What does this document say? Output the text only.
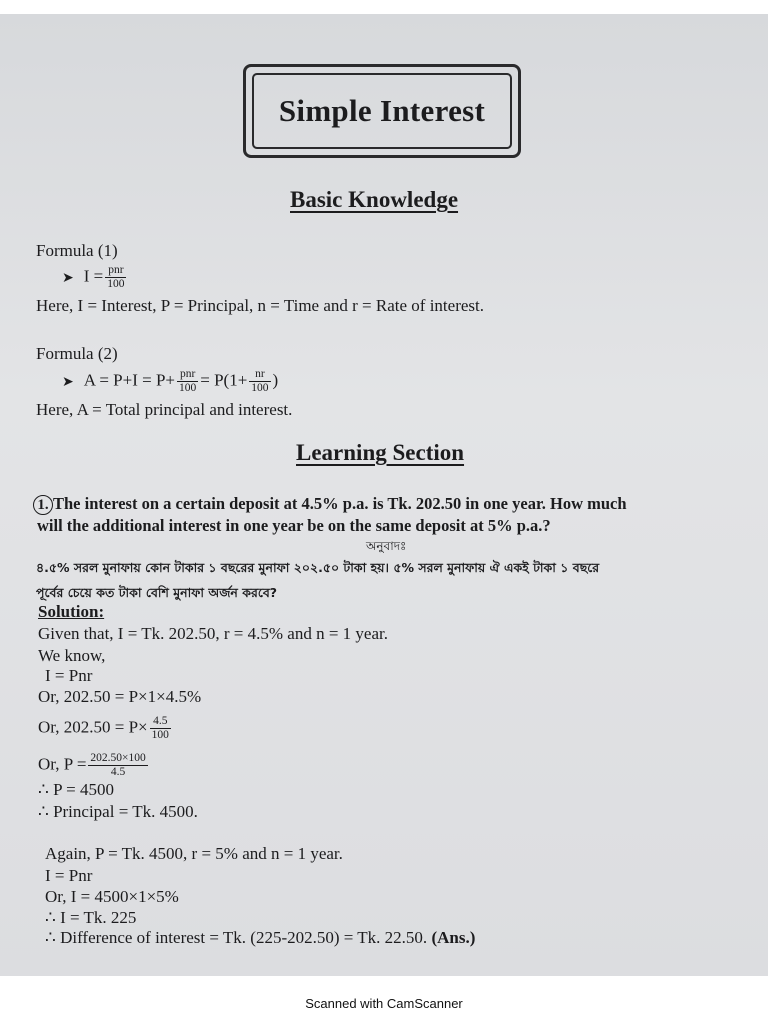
Simple Interest
Basic Knowledge
Formula (1)
➤ $I = \frac{\text{pnr}}{100}$
Here, I = Interest, P = Principal, n = Time and r = Rate of interest.
Formula (2)
➤ $A = P+I = P+ \frac{\text{pnr}}{100} = P(1+ \frac{nr}{100}$ )
Here, A = Total principal and interest.
Learning Section
1. The interest on a certain deposit at 4.5% p.a. is Tk. 202.50 in one year. How much
will the additional interest in one year be on the same deposit at 5% p.a.?
অনুবাদঃ
৪.৫% সরল মুনাফায় কোন টাকার ১ বছরের মুনাফা ২০২.৫০ টাকা হয়। ৫% সরল মুনাফায় ঐ একই টাকা ১ বছরে
পূর্বের চেয়ে কত টাকা বেশি মুনাফা অর্জন করবে?
Solution:
Given that, I = Tk. 202.50, r = 4.5% and n = 1 year.
We know,
I = Pnr
Or, 202.50 = P×1×4.5%
Or, $202.50 = P\times \frac{4.5}{100}$
Or, $P = \frac{202.50\times 100}{4.5}$
∴ P = 4500
∴ Principal = Tk. 4500.
Again, P = Tk. 4500, r = 5% and n = 1 year.
I = Pnr
Or, I = 4500×1×5%
∴ I = Tk. 225
∴ Difference of interest = Tk. (225-202.50) = Tk. 22.50. (Ans.)
Scanned with CamScanner
